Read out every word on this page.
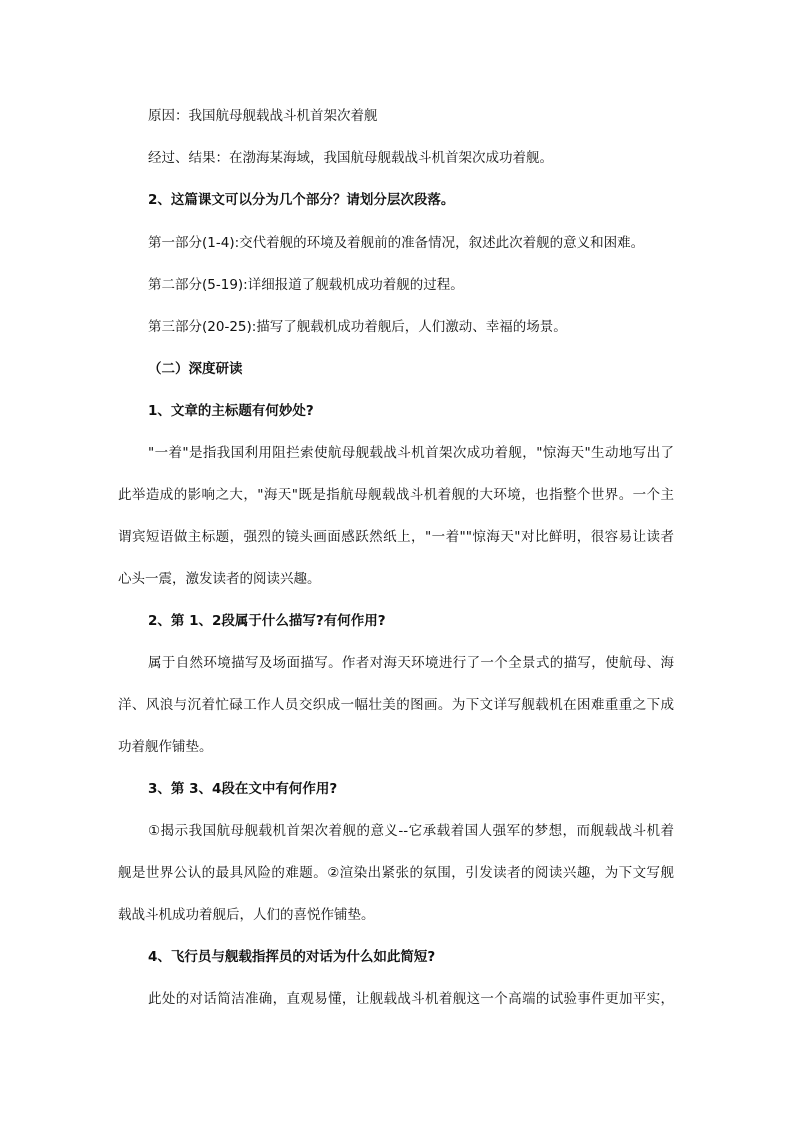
原因：我国航母舰载战斗机首架次着舰
经过、结果：在渤海某海域，我国航母舰载战斗机首架次成功着舰。
2、这篇课文可以分为几个部分？请划分层次段落。
第一部分(1-4):交代着舰的环境及着舰前的准备情况，叙述此次着舰的意义和困难。
第二部分(5-19):详细报道了舰载机成功着舰的过程。
第三部分(20-25):描写了舰载机成功着舰后，人们激动、幸福的场景。
（二）深度研读
1、文章的主标题有何妙处?
"一着"是指我国利用阻拦索使航母舰载战斗机首架次成功着舰，"惊海天"生动地写出了
此举造成的影响之大，"海天"既是指航母舰载战斗机着舰的大环境，也指整个世界。一个主
谓宾短语做主标题，强烈的镜头画面感跃然纸上，"一着""惊海天"对比鲜明，很容易让读者
心头一震，激发读者的阅读兴趣。
2、第 1、2段属于什么描写?有何作用?
属于自然环境描写及场面描写。作者对海天环境进行了一个全景式的描写，使航母、海
洋、风浪与沉着忙碌工作人员交织成一幅壮美的图画。为下文详写舰载机在困难重重之下成
功着舰作铺垫。
3、第 3、4段在文中有何作用?
①揭示我国航母舰载机首架次着舰的意义--它承载着国人强军的梦想，而舰载战斗机着
舰是世界公认的最具风险的难题。②渲染出紧张的氛围，引发读者的阅读兴趣，为下文写舰
载战斗机成功着舰后，人们的喜悦作铺垫。
4、飞行员与舰载指挥员的对话为什么如此简短?
此处的对话简洁准确，直观易懂，让舰载战斗机着舰这一个高端的试验事件更加平实，
